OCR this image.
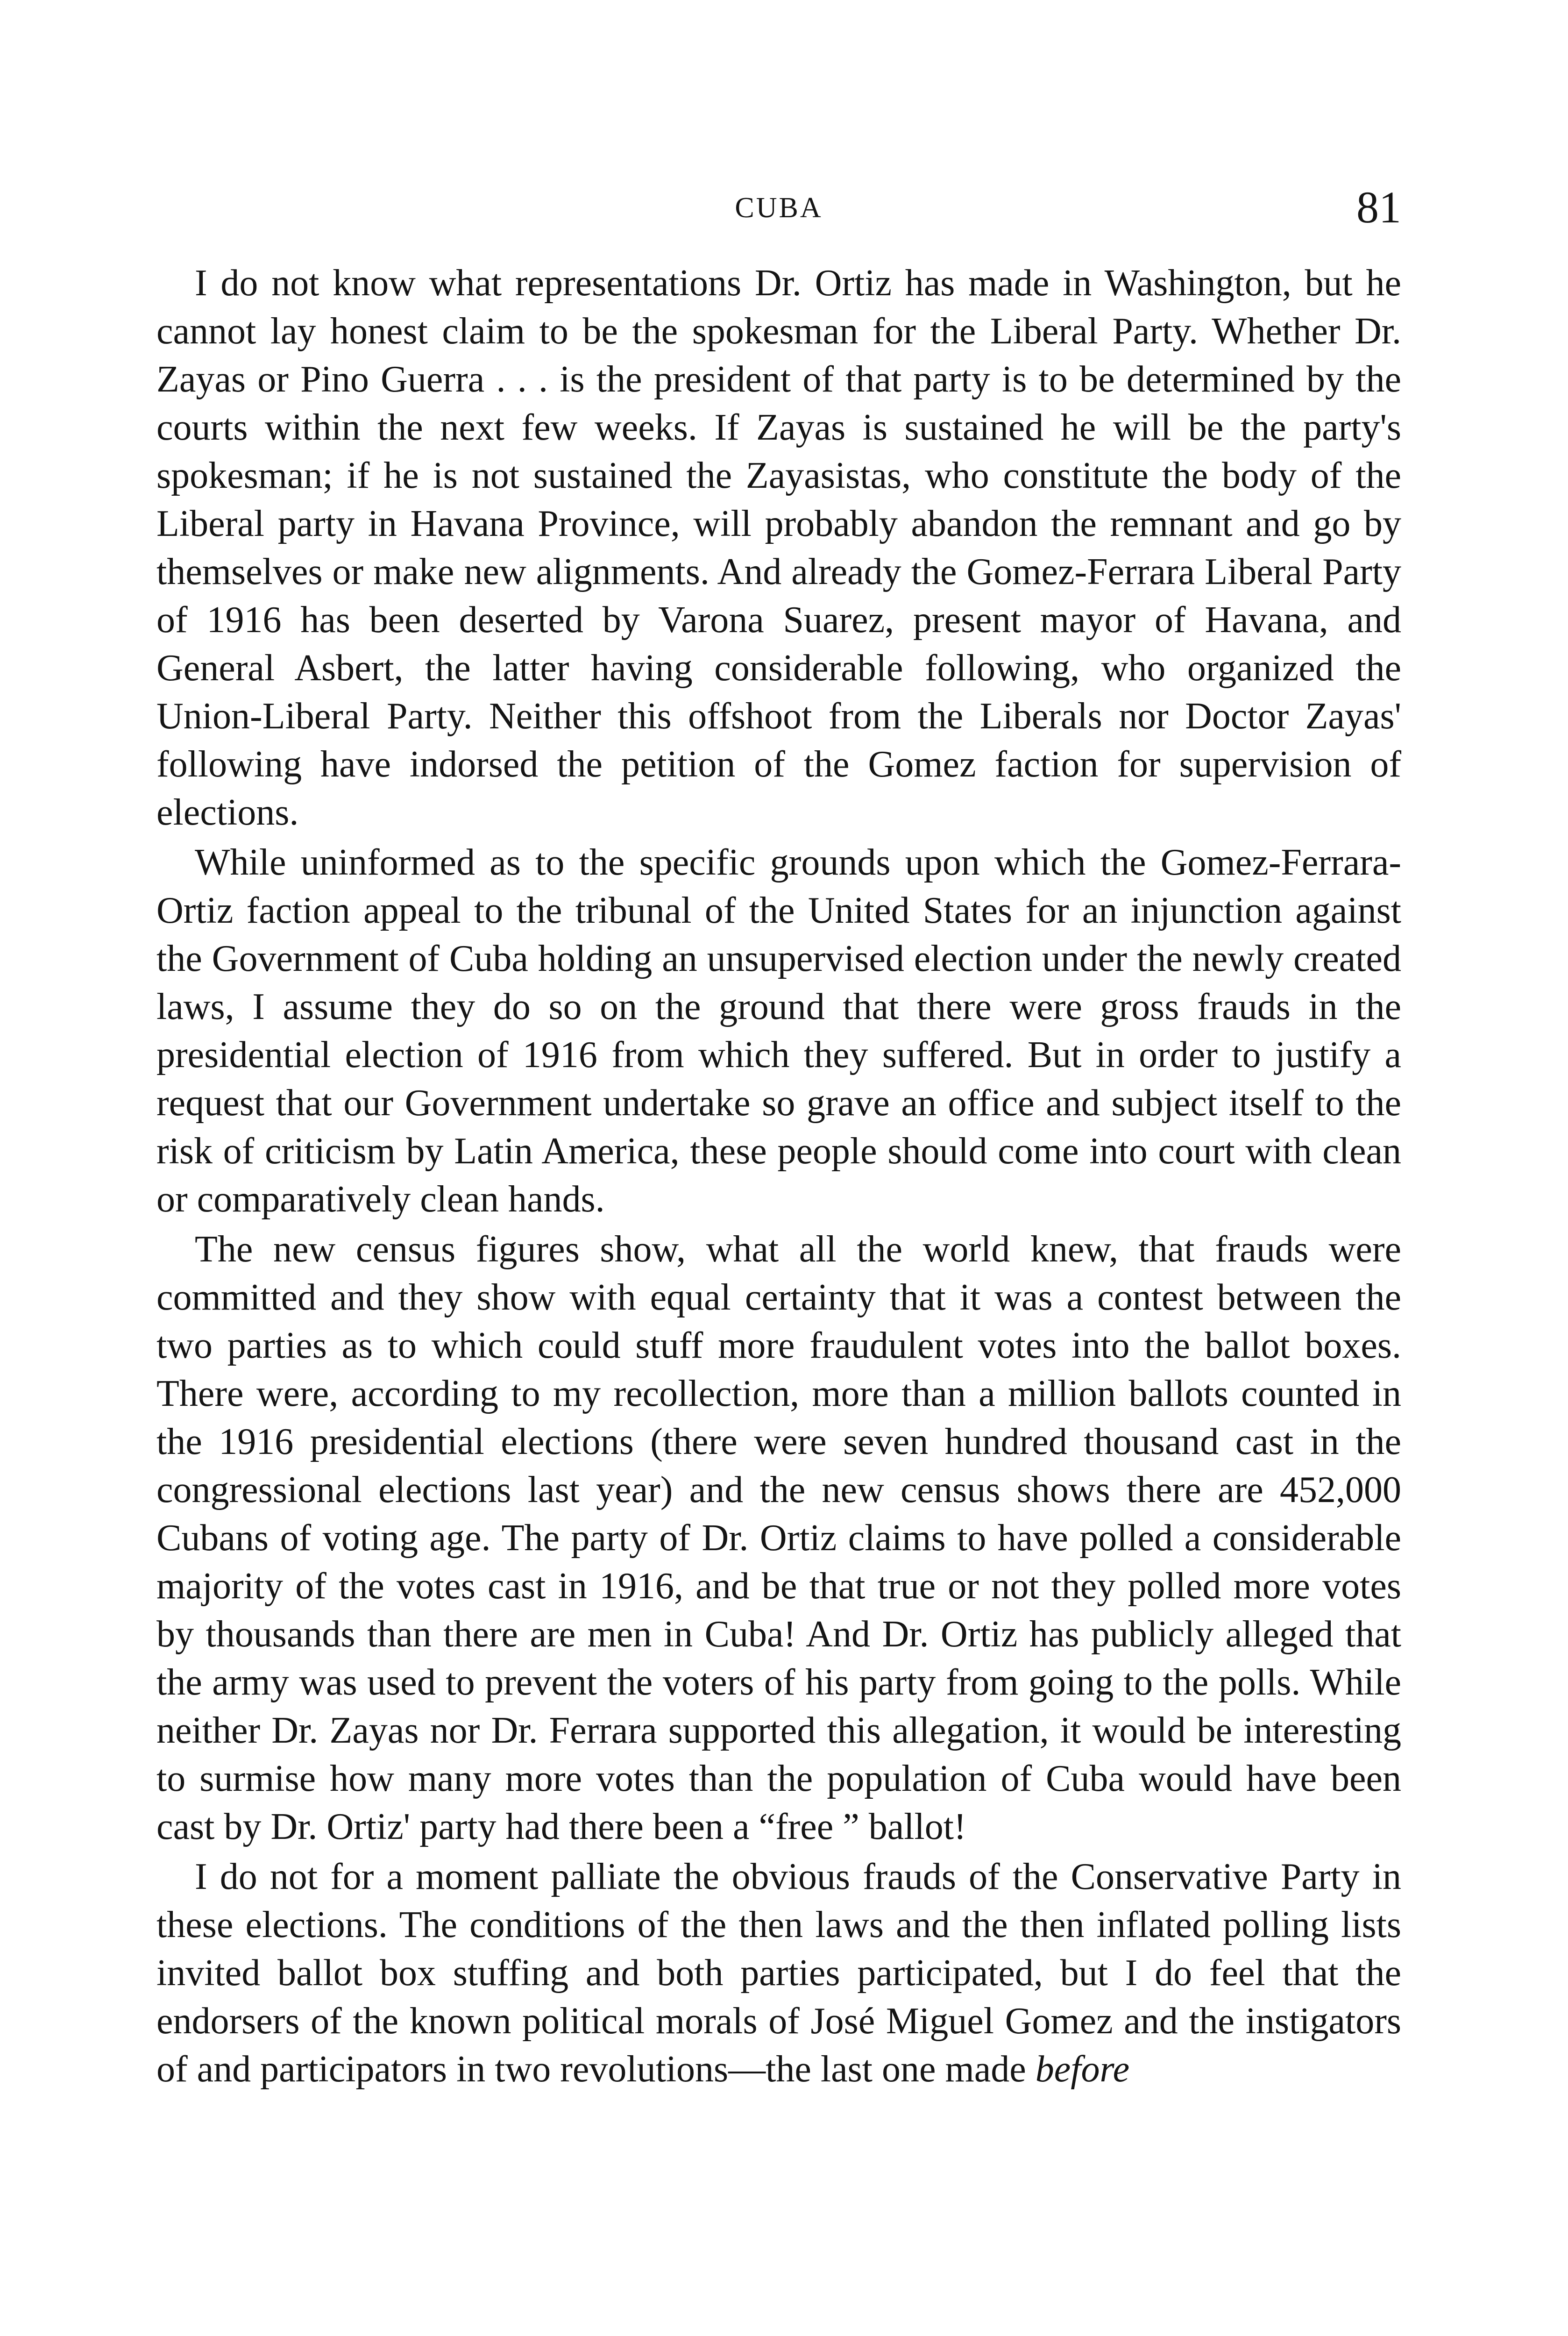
CUBA	81

I do not know what representations Dr. Ortiz has made in Washington, but he cannot lay honest claim to be the spokesman for the Liberal Party. Whether Dr. Zayas or Pino Guerra . . . is the president of that party is to be determined by the courts within the next few weeks. If Zayas is sustained he will be the party's spokesman; if he is not sustained the Zayasistas, who constitute the body of the Liberal party in Havana Province, will probably abandon the remnant and go by themselves or make new alignments. And already the Gomez-Ferrara Liberal Party of 1916 has been deserted by Varona Suarez, present mayor of Havana, and General Asbert, the latter having considerable following, who organized the Union-Liberal Party. Neither this offshoot from the Liberals nor Doctor Zayas' following have indorsed the petition of the Gomez faction for supervision of elections.

While uninformed as to the specific grounds upon which the Gomez-Ferrara-Ortiz faction appeal to the tribunal of the United States for an injunction against the Government of Cuba holding an unsupervised election under the newly created laws, I assume they do so on the ground that there were gross frauds in the presidential election of 1916 from which they suffered. But in order to justify a request that our Government undertake so grave an office and subject itself to the risk of criticism by Latin America, these people should come into court with clean or comparatively clean hands.

The new census figures show, what all the world knew, that frauds were committed and they show with equal certainty that it was a contest between the two parties as to which could stuff more fraudulent votes into the ballot boxes. There were, according to my recollection, more than a million ballots counted in the 1916 presidential elections (there were seven hundred thousand cast in the congressional elections last year) and the new census shows there are 452,000 Cubans of voting age. The party of Dr. Ortiz claims to have polled a considerable majority of the votes cast in 1916, and be that true or not they polled more votes by thousands than there are men in Cuba! And Dr. Ortiz has publicly alleged that the army was used to prevent the voters of his party from going to the polls. While neither Dr. Zayas nor Dr. Ferrara supported this allegation, it would be interesting to surmise how many more votes than the population of Cuba would have been cast by Dr. Ortiz' party had there been a “free ” ballot!

I do not for a moment palliate the obvious frauds of the Conservative Party in these elections. The conditions of the then laws and the then inflated polling lists invited ballot box stuffing and both parties participated, but I do feel that the endorsers of the known political morals of José Miguel Gomez and the instigators of and participators in two revolutions—the last one made before
